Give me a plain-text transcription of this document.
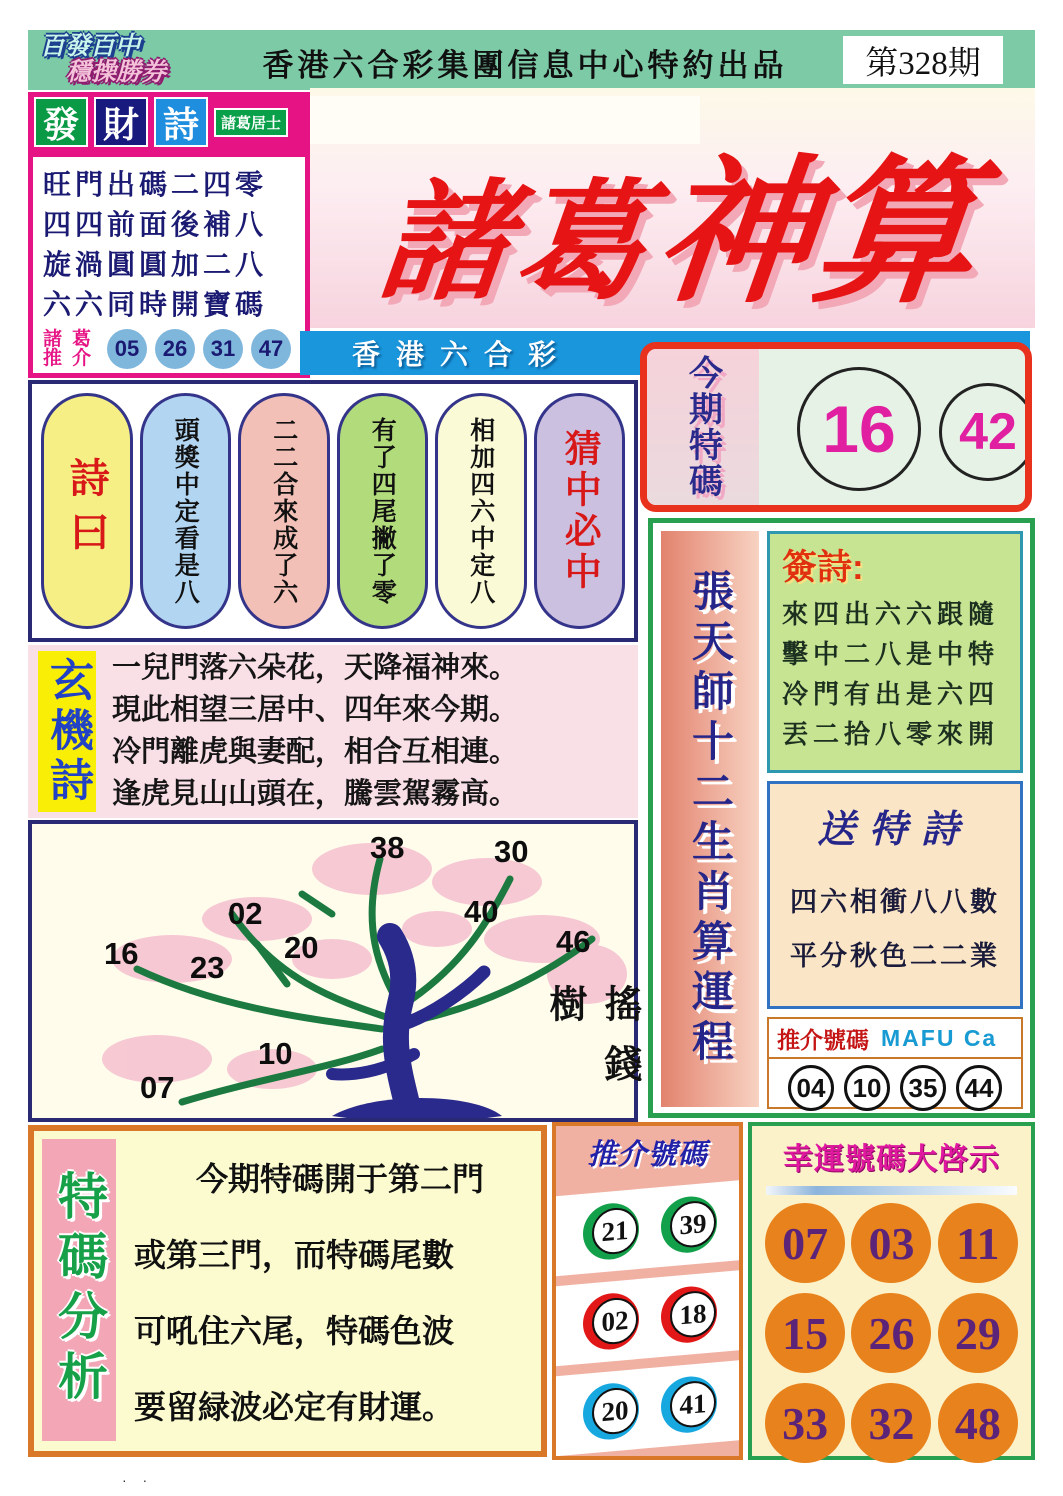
百發百中
穩操勝券	香港六合彩集團信息中心特約出品	第328期
發 財 詩	諸葛居士
旺門出碼二四零
四四前面後補八
旋渦圓圓加二八
六六同時開寶碼
諸葛
推介 05	26	31	47
諸葛 神算
香港六合彩
今期特碼	16	42
詩曰	頭獎中定看是八	二二合來成了六	有了四尾撇了零	相加四六中定八 猜中必中
玄機詩 一兒門落六朵花，天降福神來。
現此相望三居中、四年來今期。
冷門離虎與妻配，相合互相連。
逢虎見山山頭在，騰雲駕霧高。
38	30
02
20
40
46
16 23
10
07	搖錢樹	張天師十二生肖算運程
簽詩:
來四出六六跟隨
擊中二八是中特
冷門有出是六四
丟二拾八零來開
送特詩
四六相衝八八數
平分秋色二二業
推介號碼 MAFU Ca
04	10	35	44
特碼分析	今期特碼開于第二門
或第三門，而特碼尾數
可吼住六尾，特碼色波
要留緑波必定有財運。
推介號碼
21	39
02	18
20	41
幸運號碼大啓示
07 03 11
15 26 29
33 32 48
· ·
